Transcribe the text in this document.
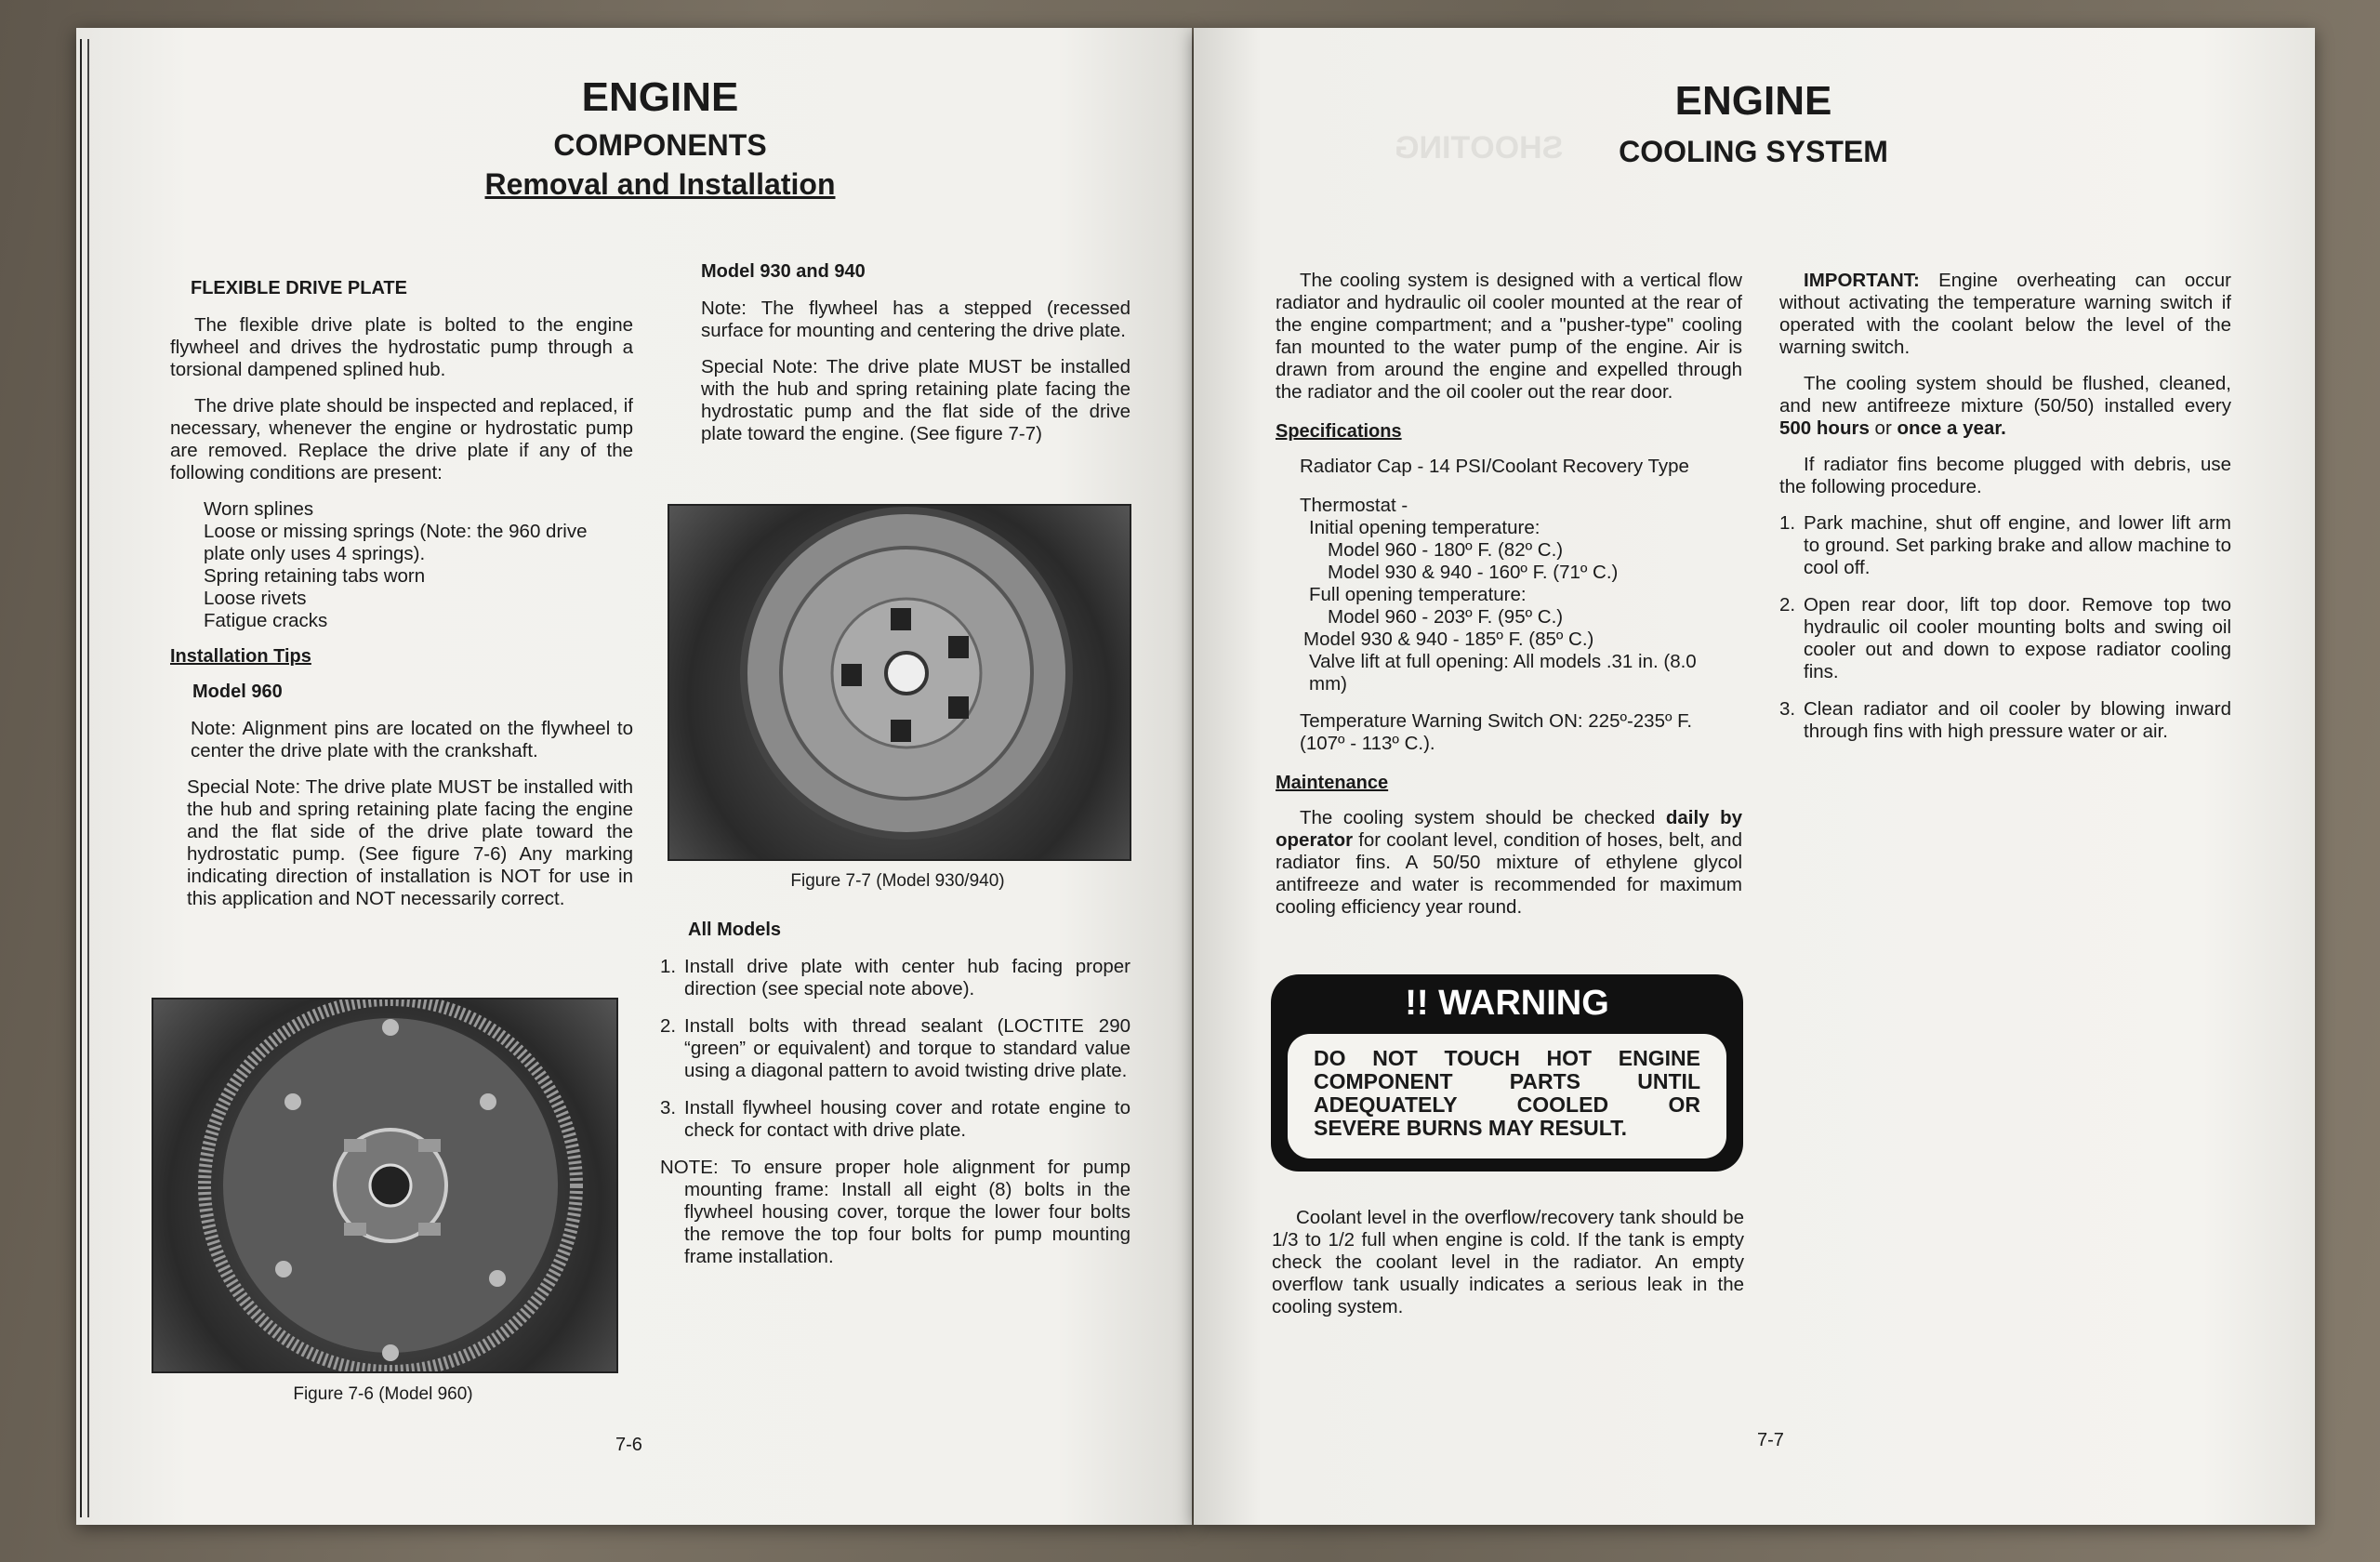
ENGINE
COMPONENTS
Removal and Installation
FLEXIBLE DRIVE PLATE

The flexible drive plate is bolted to the engine flywheel and drives the hydrostatic pump through a torsional dampened splined hub.

The drive plate should be inspected and replaced, if necessary, whenever the engine or hydrostatic pump are removed. Replace the drive plate if any of the following conditions are present:

Worn splines
Loose or missing springs (Note: the 960 drive plate only uses 4 springs).
Spring retaining tabs worn
Loose rivets
Fatigue cracks
Installation Tips
Model 960

Note: Alignment pins are located on the flywheel to center the drive plate with the crankshaft.

Special Note: The drive plate MUST be installed with the hub and spring retaining plate facing the engine and the flat side of the drive plate toward the hydrostatic pump. (See figure 7-6) Any marking indicating direction of installation is NOT for use in this application and NOT necessarily correct.

Figure 7-6 (Model 960)
Model 930 and 940

Note: The flywheel has a stepped (recessed surface for mounting and centering the drive plate.

Special Note: The drive plate MUST be installed with the hub and spring retaining plate facing the hydrostatic pump and the flat side of the drive plate toward the engine. (See figure 7-7)

Figure 7-7 (Model 930/940)
All Models
1. Install drive plate with center hub facing proper direction (see special note above).
2. Install bolts with thread sealant (LOCTITE 290 “green” or equivalent) and torque to standard value using a diagonal pattern to avoid twisting drive plate.
3. Install flywheel housing cover and rotate engine to check for contact with drive plate.

NOTE: To ensure proper hole alignment for pump mounting frame: Install all eight (8) bolts in the flywheel housing cover, torque the lower four bolts the remove the top four bolts for pump mounting frame installation.

7-6
SHOOTING
ENGINE
COOLING SYSTEM

The cooling system is designed with a vertical flow radiator and hydraulic oil cooler mounted at the rear of the engine compartment; and a "pusher-type" cooling fan mounted to the water pump of the engine. Air is drawn from around the engine and expelled through the radiator and the oil cooler out the rear door.

Specifications
Radiator Cap - 14 PSI/Coolant Recovery Type
Thermostat -
Initial opening temperature:
Model 960 - 180º F. (82º C.)
Model 930 & 940 - 160º F. (71º C.)
Full opening temperature:
Model 960 - 203º F. (95º C.)
Model 930 & 940 - 185º F. (85º C.)
Valve lift at full opening: All models .31 in. (8.0 mm)
Temperature Warning Switch ON: 225º-235º F. (107º - 113º C.).
Maintenance

The cooling system should be checked daily by operator for coolant level, condition of hoses, belt, and radiator fins. A 50/50 mixture of ethylene glycol antifreeze and water is recommended for maximum cooling efficiency year round.

!! WARNING
DO NOT TOUCH HOT ENGINE
COMPONENT PARTS UNTIL
ADEQUATELY COOLED OR
SEVERE BURNS MAY RESULT.

Coolant level in the overflow/recovery tank should be 1/3 to 1/2 full when engine is cold. If the tank is empty check the coolant level in the radiator. An empty overflow tank usually indicates a serious leak in the cooling system.

IMPORTANT: Engine overheating can occur without activating the temperature warning switch if operated with the coolant below the level of the warning switch.

The cooling system should be flushed, cleaned, and new antifreeze mixture (50/50) installed every 500 hours or once a year.

If radiator fins become plugged with debris, use the following procedure.

1. Park machine, shut off engine, and lower lift arm to ground. Set parking brake and allow machine to cool off.
2. Open rear door, lift top door. Remove top two hydraulic oil cooler mounting bolts and swing oil cooler out and down to expose radiator cooling fins.
3. Clean radiator and oil cooler by blowing inward through fins with high pressure water or air.
7-7
